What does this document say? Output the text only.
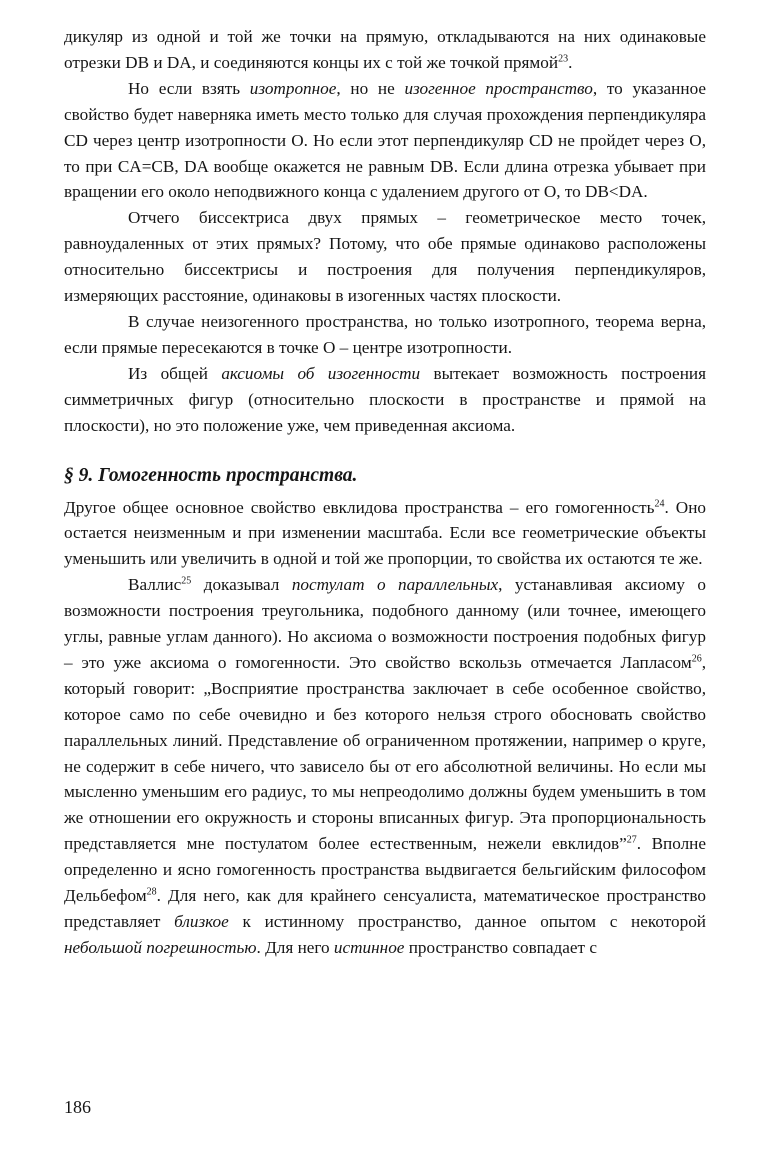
дикуляр из одной и той же точки на прямую, откладываются на них одинаковые отрезки DB и DA, и соединяются концы их с той же точкой прямой$^{23}$.

Но если взять изотропное, но не изогенное пространство, то указанное свойство будет наверняка иметь место только для случая прохождения перпендикуляра CD через центр изотропности О. Но если этот перпендикуляр CD не пройдет через О, то при CA=CB, DA вообще окажется не равным DB. Если длина отрезка убывает при вращении его около неподвижного конца с удалением другого от О, то DB<DA.

Отчего биссектриса двух прямых – геометрическое место точек, равноудаленных от этих прямых? Потому, что обе прямые одинаково расположены относительно биссектрисы и построения для получения перпендикуляров, измеряющих расстояние, одинаковы в изогенных частях плоскости.

В случае неизогенного пространства, но только изотропного, теорема верна, если прямые пересекаются в точке О – центре изотропности.

Из общей аксиомы об изогенности вытекает возможность построения симметричных фигур (относительно плоскости в пространстве и прямой на плоскости), но это положение уже, чем приведенная аксиома.

§ 9. Гомогенность пространства.

Другое общее основное свойство евклидова пространства – его гомогенность$^{24}$. Оно остается неизменным и при изменении масштаба. Если все геометрические объекты уменьшить или увеличить в одной и той же пропорции, то свойства их остаются те же.

Валлис$^{25}$ доказывал постулат о параллельных, устанавливая аксиому о возможности построения треугольника, подобного данному (или точнее, имеющего углы, равные углам данного). Но аксиома о возможности построения подобных фигур – это уже аксиома о гомогенности. Это свойство вскользь отмечается Лапласом$^{26}$, который говорит: „Восприятие пространства заключает в себе особенное свойство, которое само по себе очевидно и без которого нельзя строго обосновать свойство параллельных линий. Представление об ограниченном протяжении, например о круге, не содержит в себе ничего, что зависело бы от его абсолютной величины. Но если мы мысленно уменьшим его радиус, то мы непреодолимо должны будем уменьшить в том же отношении его окружность и стороны вписанных фигур. Эта пропорциональность представляется мне постулатом более естественным, нежели евклидов”$^{27}$. Вполне определенно и ясно гомогенность пространства выдвигается бельгийским философом Дельбефом$^{28}$. Для него, как для крайнего сенсуалиста, математическое пространство представляет близкое к истинному пространство, данное опытом с некоторой небольшой погрешностью. Для него истинное пространство совпадает с

186
